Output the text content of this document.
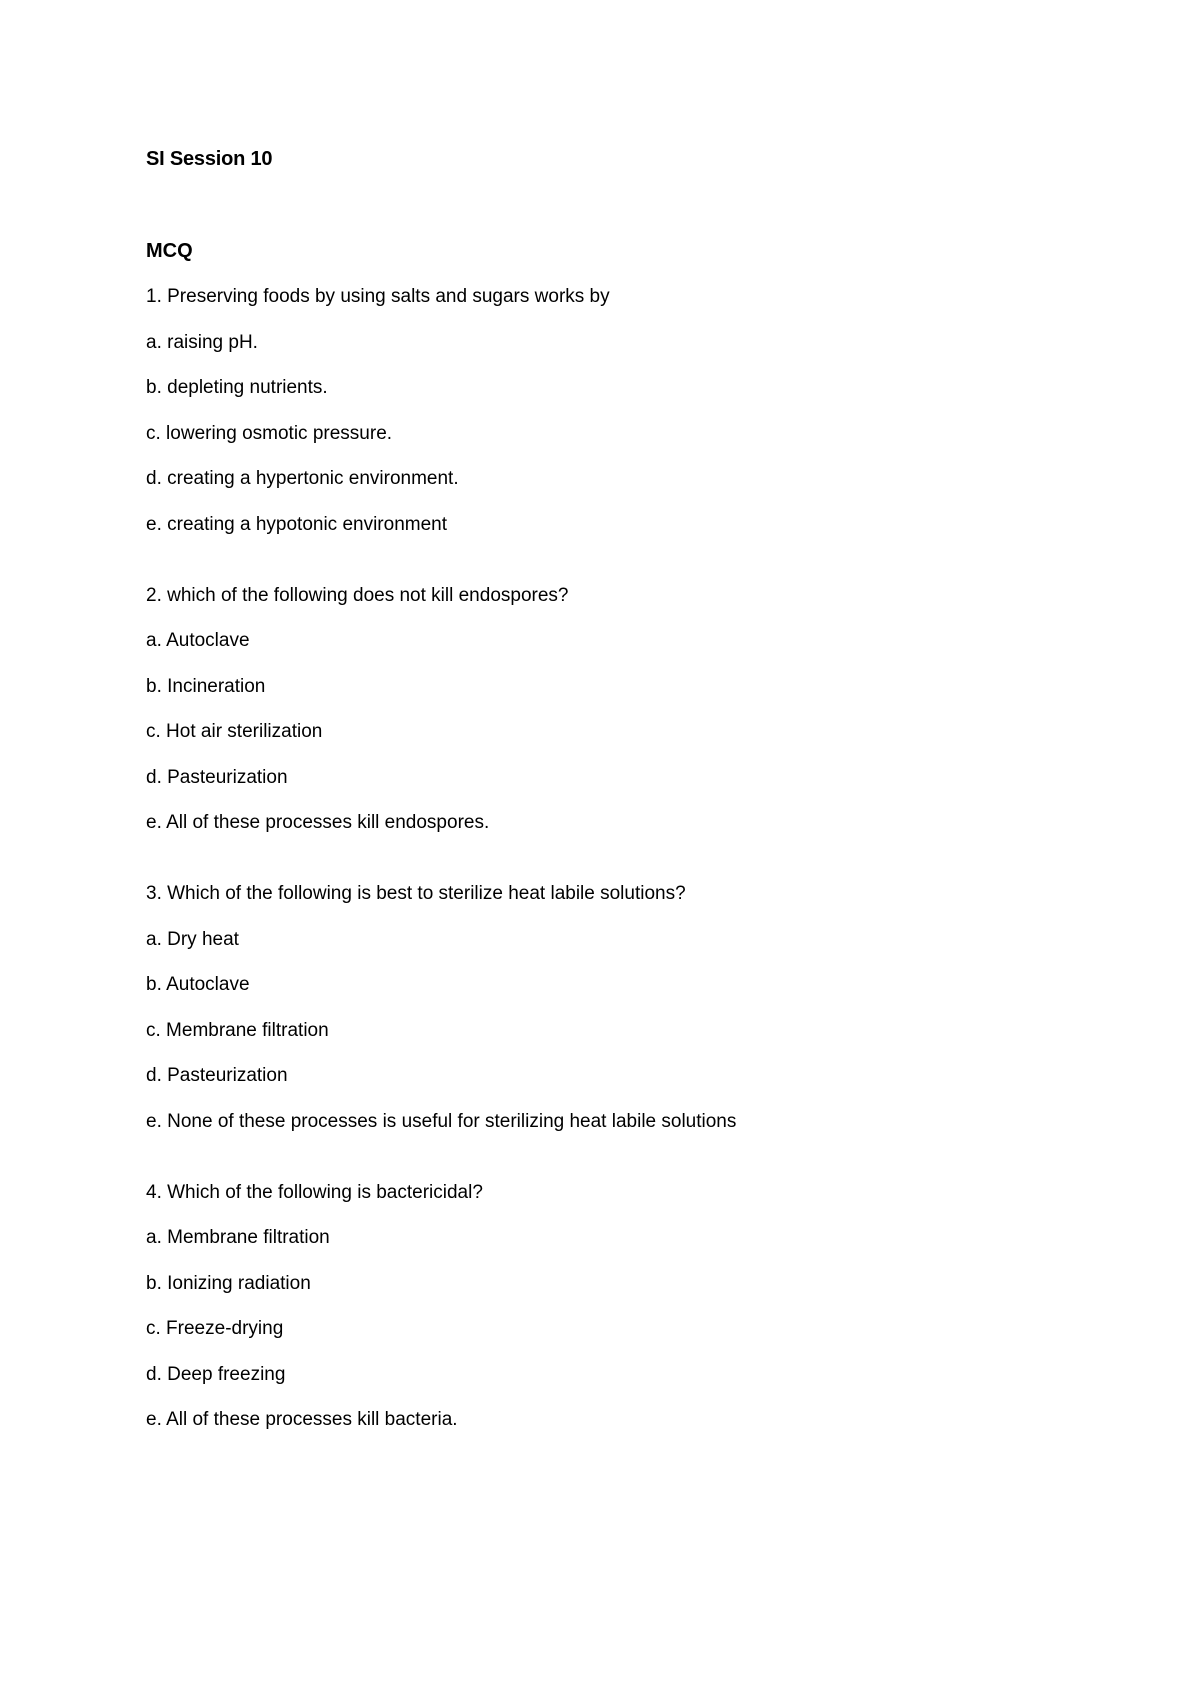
SI Session 10
MCQ
1. Preserving foods by using salts and sugars works by
a. raising pH.
b. depleting nutrients.
c. lowering osmotic pressure.
d. creating a hypertonic environment.
e. creating a hypotonic environment
2. which of the following does not kill endospores?
a. Autoclave
b. Incineration
c. Hot air sterilization
d. Pasteurization
e. All of these processes kill endospores.
3. Which of the following is best to sterilize heat labile solutions?
a. Dry heat
b. Autoclave
c. Membrane filtration
d. Pasteurization
e. None of these processes is useful for sterilizing heat labile solutions
4. Which of the following is bactericidal?
a. Membrane filtration
b. Ionizing radiation
c. Freeze-drying
d. Deep freezing
e. All of these processes kill bacteria.
